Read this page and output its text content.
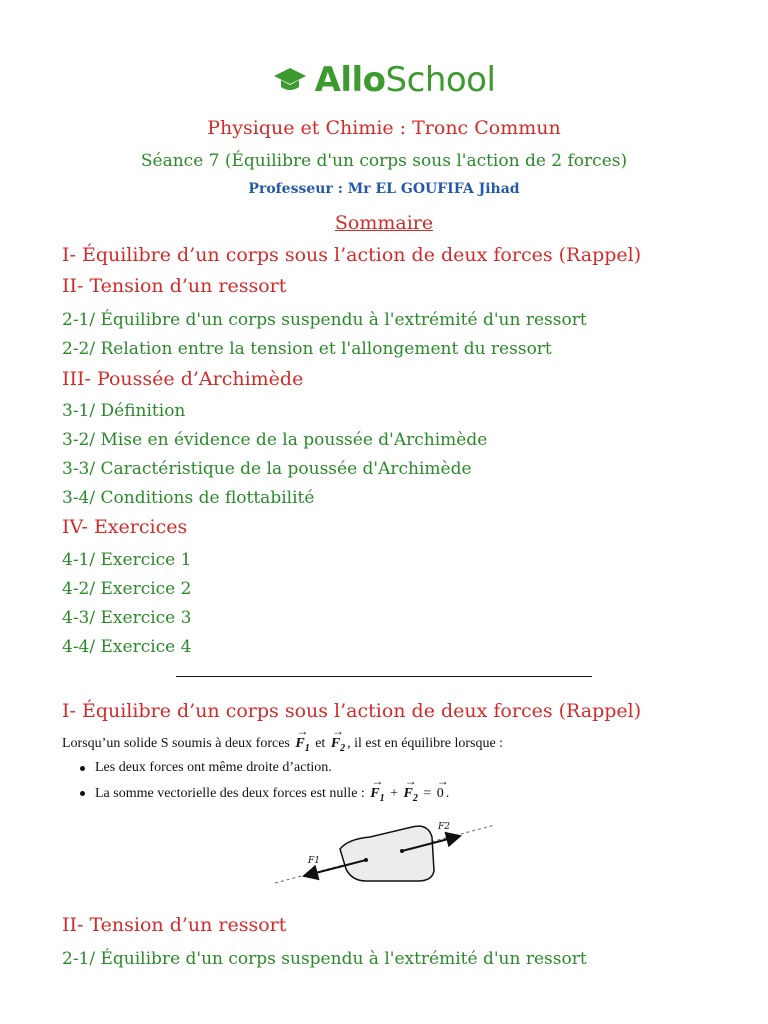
AlloSchool
Physique et Chimie : Tronc Commun
Séance 7 (Équilibre d'un corps sous l'action de 2 forces)
Professeur : Mr EL GOUFIFA Jihad
Sommaire
I- Équilibre d’un corps sous l’action de deux forces (Rappel)
II- Tension d’un ressort
2-1/ Équilibre d'un corps suspendu à l'extrémité d'un ressort
2-2/ Relation entre la tension et l'allongement du ressort
III- Poussée d’Archimède
3-1/ Définition
3-2/ Mise en évidence de la poussée d'Archimède
3-3/ Caractéristique de la poussée d'Archimède
3-4/ Conditions de flottabilité
IV- Exercices
4-1/ Exercice 1
4-2/ Exercice 2
4-3/ Exercice 3
4-4/ Exercice 4
I- Équilibre d’un corps sous l’action de deux forces (Rappel)
Lorsqu’un solide S soumis à deux forces → $F_1$ et → $F_2$ , il est en équilibre lorsque :
Les deux forces ont même droite d’action.
La somme vectorielle des deux forces est nulle : → $F_1$ + → $F_2$ = → 0 .
F1
F2
II- Tension d’un ressort
2-1/ Équilibre d'un corps suspendu à l'extrémité d'un ressort
